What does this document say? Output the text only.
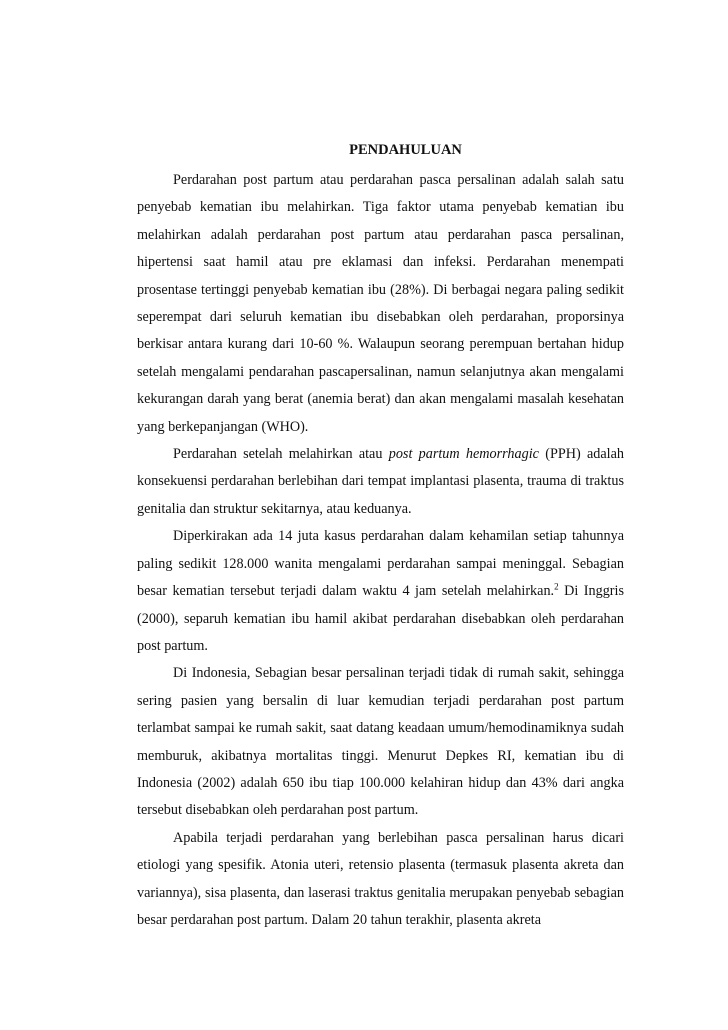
PENDAHULUAN

Perdarahan post partum atau perdarahan pasca persalinan adalah salah satu penyebab kematian ibu melahirkan. Tiga faktor utama penyebab kematian ibu melahirkan adalah perdarahan post partum atau perdarahan pasca persalinan, hipertensi saat hamil atau pre eklamasi dan infeksi. Perdarahan menempati prosentase tertinggi penyebab kematian ibu (28%). Di berbagai negara paling sedikit seperempat dari seluruh kematian ibu disebabkan oleh perdarahan, proporsinya berkisar antara kurang dari 10-60 %. Walaupun seorang perempuan bertahan hidup setelah mengalami pendarahan pascapersalinan, namun selanjutnya akan mengalami kekurangan darah yang berat (anemia berat) dan akan mengalami masalah kesehatan yang berkepanjangan (WHO).

Perdarahan setelah melahirkan atau post partum hemorrhagic (PPH) adalah konsekuensi perdarahan berlebihan dari tempat implantasi plasenta, trauma di traktus genitalia dan struktur sekitarnya, atau keduanya.

Diperkirakan ada 14 juta kasus perdarahan dalam kehamilan setiap tahunnya paling sedikit 128.000 wanita mengalami perdarahan sampai meninggal. Sebagian besar kematian tersebut terjadi dalam waktu 4 jam setelah melahirkan.$^2$ Di Inggris (2000), separuh kematian ibu hamil akibat perdarahan disebabkan oleh perdarahan post partum.

Di Indonesia, Sebagian besar persalinan terjadi tidak di rumah sakit, sehingga sering pasien yang bersalin di luar kemudian terjadi perdarahan post partum terlambat sampai ke rumah sakit, saat datang keadaan umum/hemodinamiknya sudah memburuk, akibatnya mortalitas tinggi. Menurut Depkes RI, kematian ibu di Indonesia (2002) adalah 650 ibu tiap 100.000 kelahiran hidup dan 43% dari angka tersebut disebabkan oleh perdarahan post partum.

Apabila terjadi perdarahan yang berlebihan pasca persalinan harus dicari etiologi yang spesifik. Atonia uteri, retensio plasenta (termasuk plasenta akreta dan variannya), sisa plasenta, dan laserasi traktus genitalia merupakan penyebab sebagian besar perdarahan post partum. Dalam 20 tahun terakhir, plasenta akreta
